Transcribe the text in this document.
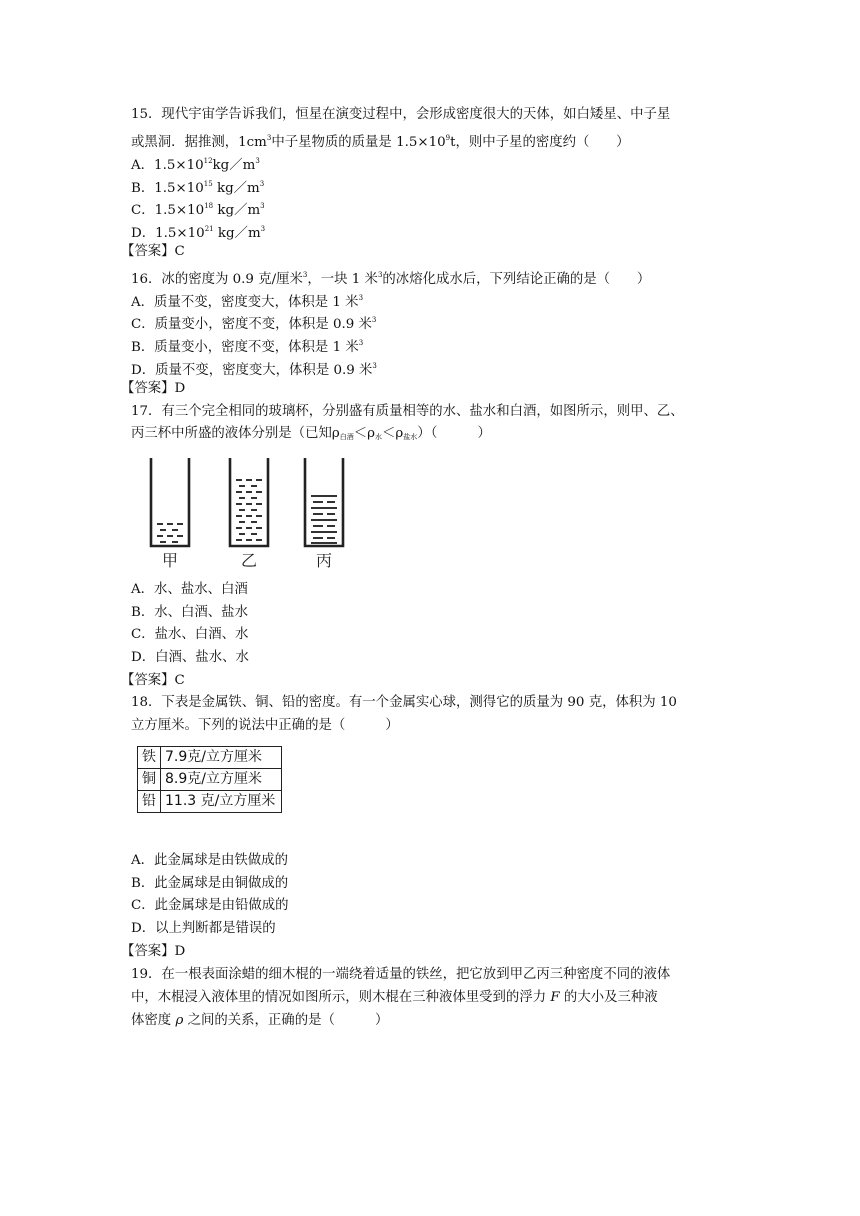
15．现代宇宙学告诉我们，恒星在演变过程中，会形成密度很大的天体，如白矮星、中子星
或黑洞．据推测，$1cm^3$中子星物质的质量是 $1.5\times 10^9t$，则中子星的密度约（　　）
A．$1.5\times 10^{12}kg/m^3$
B．$1.5\times 10^{15}$ $kg/m^3$
C．$1.5\times 10^{18}$ $kg/m^3$
D．$1.5\times 10^{21}$ $kg/m^3$
【答案】C
16．冰的密度为 0.9 克/厘米$^3$，一块 1 米$^3$的冰熔化成水后，下列结论正确的是（　　）
A．质量不变，密度变大，体积是 1 米$^3$
C．质量变小，密度不变，体积是 0.9 米$^3$
B．质量变小，密度不变，体积是 1 米$^3$
D．质量不变，密度变大，体积是 0.9 米$^3$
【答案】D
17．有三个完全相同的玻璃杯，分别盛有质量相等的水、盐水和白酒，如图所示，则甲、乙、
丙三杯中所盛的液体分别是（已知$\rho_{白酒}<\rho_水<\rho_{盐水}$）（　　　）
甲	乙	丙
A．水、盐水、白酒
B．水、白酒、盐水
C．盐水、白酒、水
D．白酒、盐水、水
【答案】C
18．下表是金属铁、铜、铅的密度。有一个金属实心球，测得它的质量为 90 克，体积为 10
立方厘米。下列的说法中正确的是（　　　）
铁	7.9克/立方厘米
铜	8.9克/立方厘米
铅	11.3 克/立方厘米
A．此金属球是由铁做成的
B．此金属球是由铜做成的
C．此金属球是由铅做成的
D．以上判断都是错误的
【答案】D
19．在一根表面涂蜡的细木棍的一端绕着适量的铁丝，把它放到甲乙丙三种密度不同的液体
中，木棍浸入液体里的情况如图所示，则木棍在三种液体里受到的浮力 F 的大小及三种液
体密度 ρ 之间的关系，正确的是（　　　）
